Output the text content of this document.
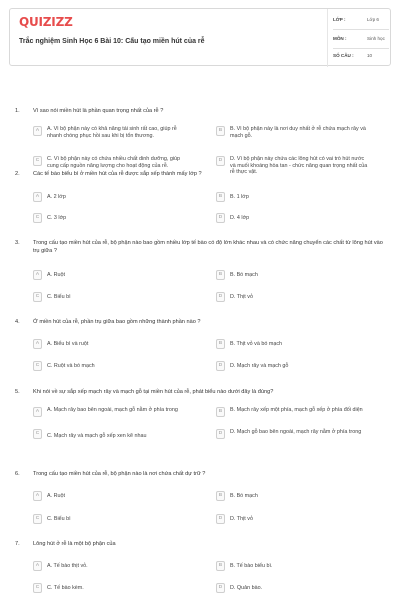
QUIZIZZ
Trắc nghiệm Sinh Học 6 Bài 10: Cấu tạo miền hút của rễ
LỚP :	Lớp 6
MÔN :	Sinh học
SỐ CÂU :	10
1. Vì sao nói miền hút là phần quan trọng nhất của rễ ?
A	A. Vì bộ phận này có khả năng tái sinh rất cao, giúp rễ nhanh chóng phục hồi sau khi bị tổn thương.
B	B. Vì bộ phận này là nơi duy nhất ở rễ chứa mạch rây và mạch gỗ.
C	C. Vì bộ phận này có chứa nhiều chất dinh dưỡng, giúp cung cấp nguồn năng lượng cho hoạt động của rễ.
D	D. Vì bộ phận này chứa các lông hút có vai trò hút nước và muối khoáng hòa tan - chức năng quan trọng nhất của rễ thực vật.
2. Các tế bào biểu bì ở miền hút của rễ được sắp xếp thành mấy lớp ?
A	A. 2 lớp	B	B. 1 lớp
C	C. 3 lớp	D	D. 4 lớp
3. Trong cấu tạo miền hút của rễ, bộ phận nào bao gồm nhiều lớp tế bào có độ lớn khác nhau và có chức năng chuyển các chất từ lông hút vào trụ giữa ?
A	A. Ruột	B	B. Bó mạch
C	C. Biểu bì	D	D. Thịt vỏ
4. Ở miền hút của rễ, phần trụ giữa bao gồm những thành phần nào ?
A	A. Biểu bì và ruột	B	B. Thịt vỏ và bó mạch
C	C. Ruột và bó mạch	D	D. Mạch rây và mạch gỗ
5. Khi nói về sự sắp xếp mạch rây và mạch gỗ tại miền hút của rễ, phát biểu nào dưới đây là đúng?
A	A. Mạch rây bao bên ngoài, mạch gỗ nằm ở phía trong	B	B. Mạch rây xếp một phía, mạch gỗ xếp ở phía đối diện
C	C. Mạch rây và mạch gỗ xếp xen kẽ nhau	D	D. Mạch gỗ bao bên ngoài, mạch rây nằm ở phía trong
6. Trong cấu tạo miền hút của rễ, bộ phận nào là nơi chứa chất dự trữ ?
A	A. Ruột	B	B. Bó mạch
C	C. Biểu bì	D	D. Thịt vỏ
7. Lông hút ở rễ là một bộ phận của
A	A. Tế bào thịt vỏ.	B	B. Tế bào biểu bì.
C	C. Tế bào kèm.	D	D. Quản bào.
